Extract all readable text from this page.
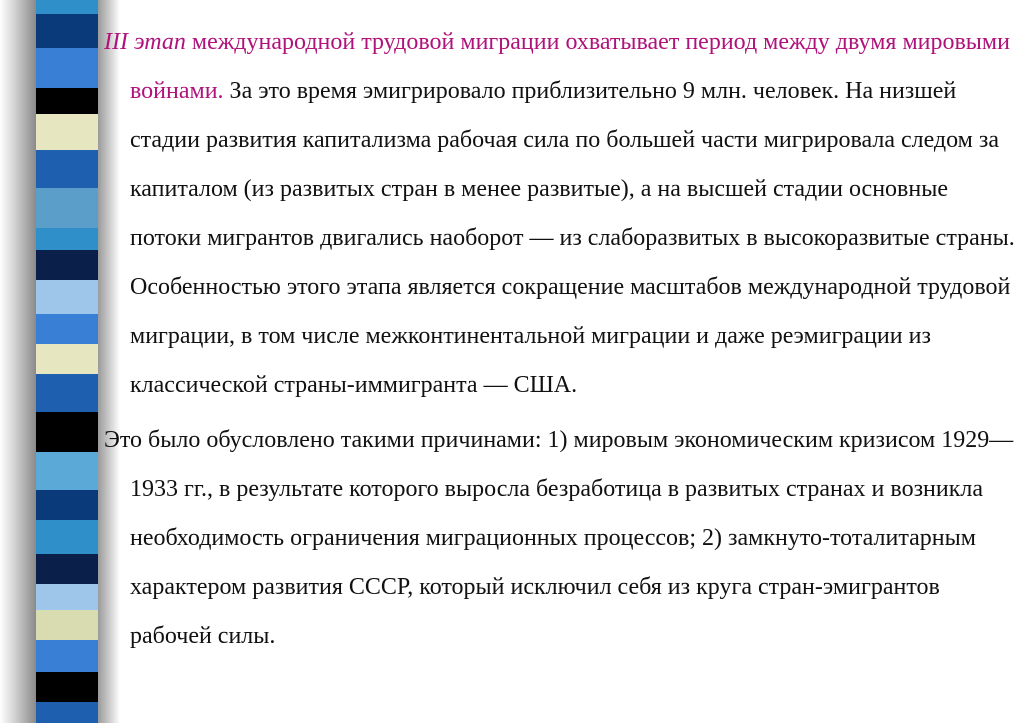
III этап международной трудовой миграции охватывает период между двумя мировыми войнами. За это время эмигрировало приблизительно 9 млн. человек. На низшей стадии развития капитализма рабочая сила по большей части мигрировала следом за капиталом (из развитых стран в менее развитые), а на высшей стадии основные потоки мигрантов двигались наоборот — из слаборазвитых в высокоразвитые страны. Особенностью этого этапа является сокращение масштабов международной трудовой миграции, в том числе межконтинентальной миграции и даже реэмиграции из классической страны-иммигранта — США.
Это было обусловлено такими причинами: 1) мировым экономическим кризисом 1929—1933 гг., в результате которого выросла безработица в развитых странах и возникла необходимость ограничения миграционных процессов; 2) замкнуто-тоталитарным характером развития СССР, который исключил себя из круга стран-эмигрантов рабочей силы.
